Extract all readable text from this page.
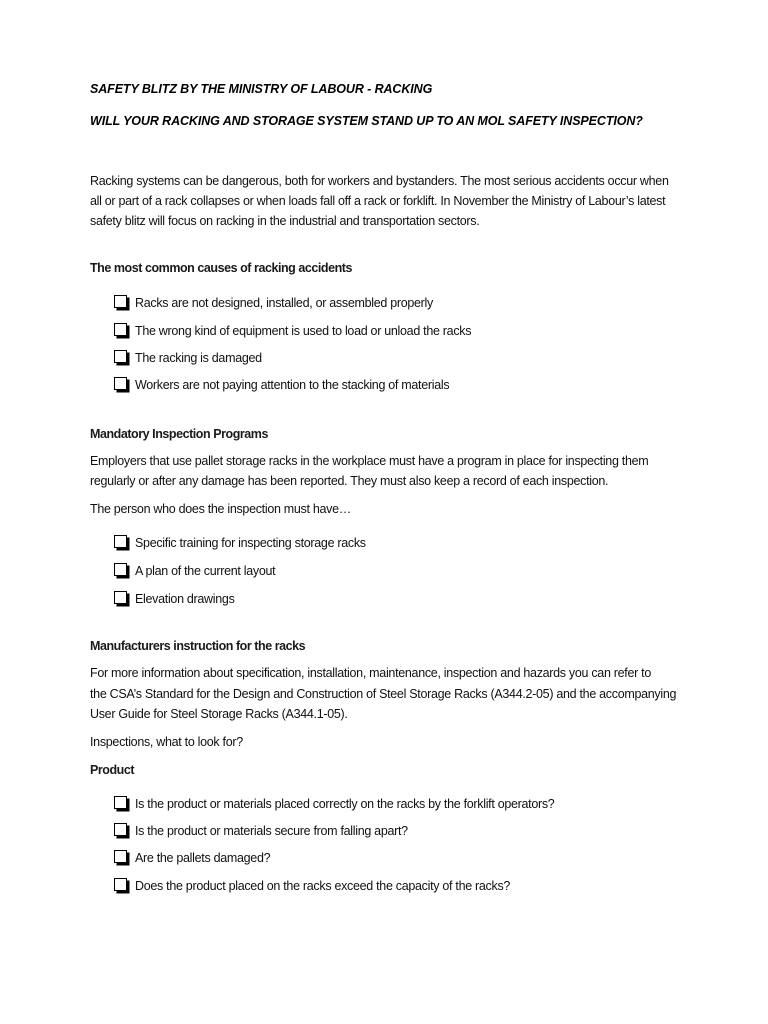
SAFETY BLITZ BY THE MINISTRY OF LABOUR - RACKING
WILL YOUR RACKING AND STORAGE SYSTEM STAND UP TO AN MOL SAFETY INSPECTION?
Racking systems can be dangerous, both for workers and bystanders. The most serious accidents occur when
all or part of a rack collapses or when loads fall off a rack or forklift. In November the Ministry of Labour’s latest
safety blitz will focus on racking in the industrial and transportation sectors.
The most common causes of racking accidents
Racks are not designed, installed, or assembled properly
The wrong kind of equipment is used to load or unload the racks
The racking is damaged
Workers are not paying attention to the stacking of materials
Mandatory Inspection Programs
Employers that use pallet storage racks in the workplace must have a program in place for inspecting them
regularly or after any damage has been reported. They must also keep a record of each inspection.
The person who does the inspection must have…
Specific training for inspecting storage racks
A plan of the current layout
Elevation drawings
Manufacturers instruction for the racks
For more information about specification, installation, maintenance, inspection and hazards you can refer to
the CSA’s Standard for the Design and Construction of Steel Storage Racks (A344.2-05) and the accompanying
User Guide for Steel Storage Racks (A344.1-05).
Inspections, what to look for?
Product
Is the product or materials placed correctly on the racks by the forklift operators?
Is the product or materials secure from falling apart?
Are the pallets damaged?
Does the product placed on the racks exceed the capacity of the racks?
